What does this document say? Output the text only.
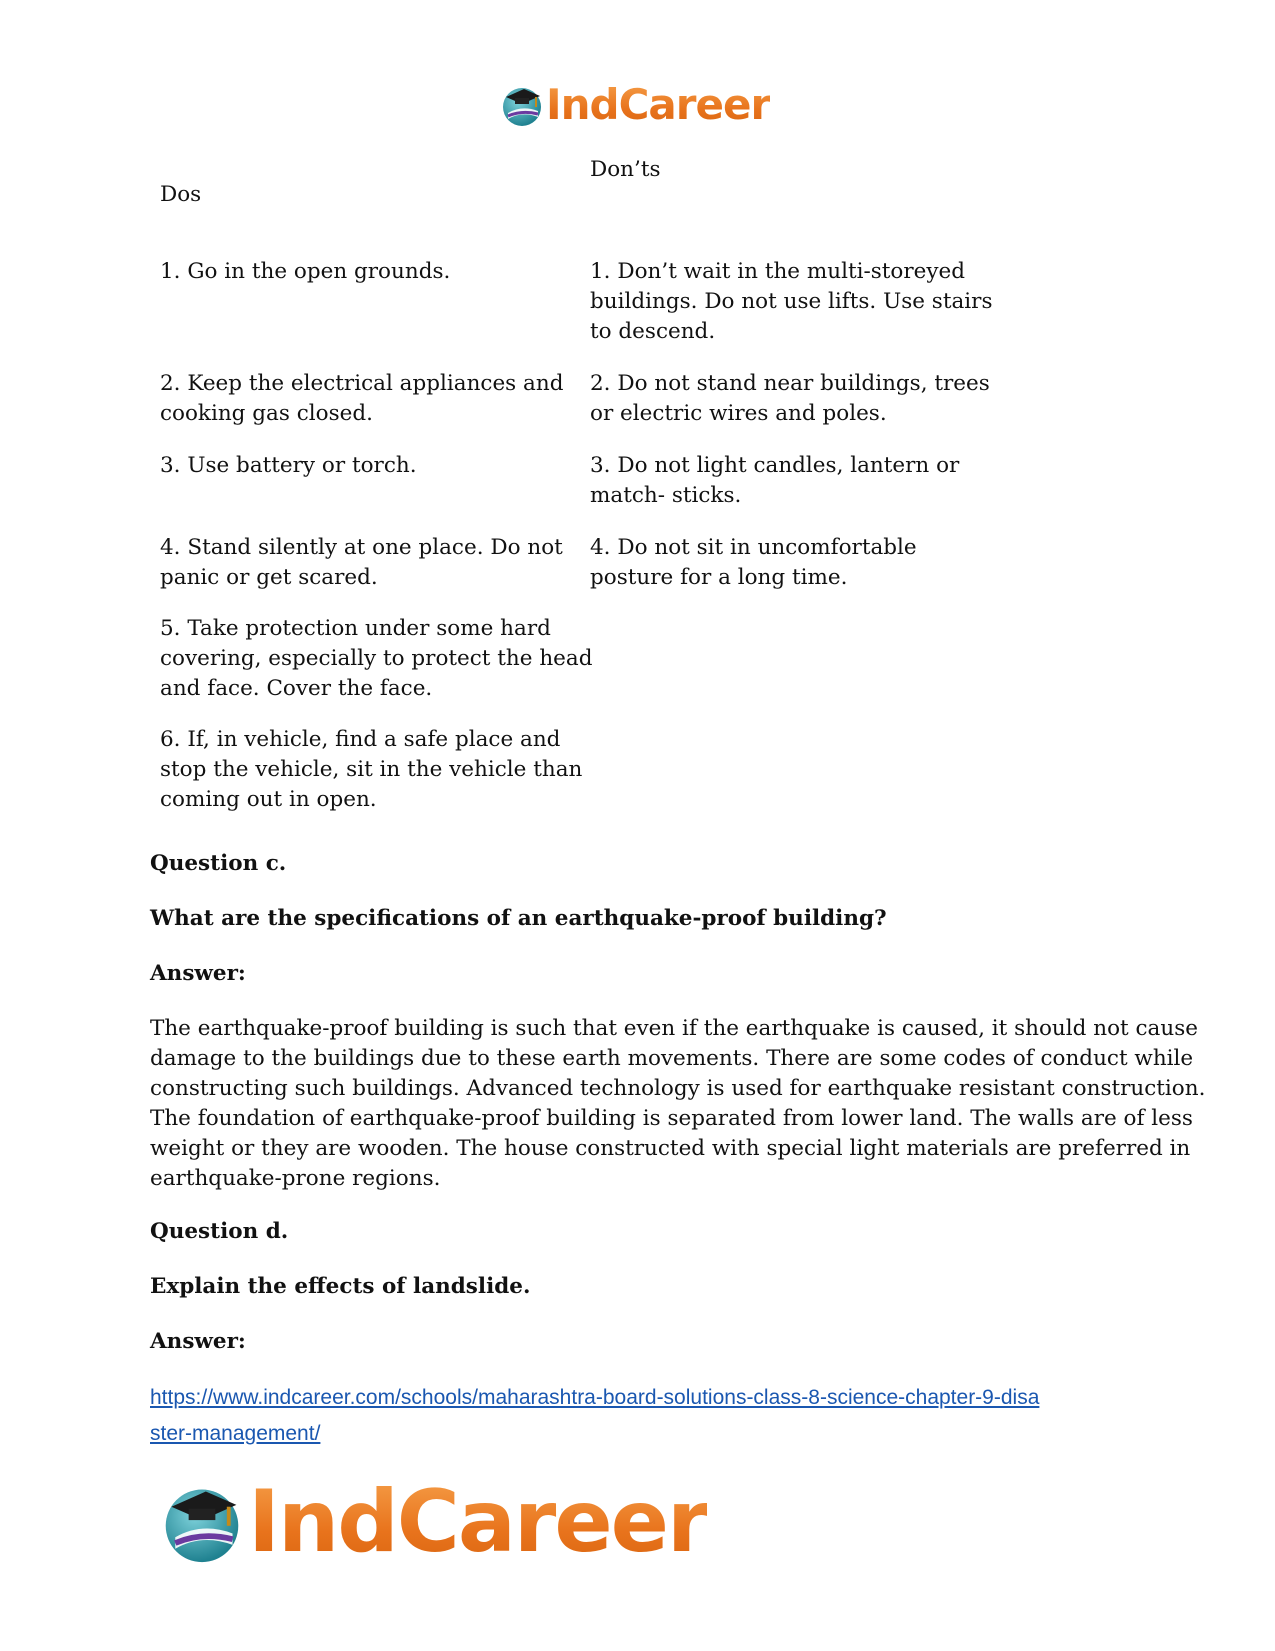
IndCareer
Don’ts
Dos
1. Go in the open grounds.
2. Keep the electrical appliances and
cooking gas closed.
3. Use battery or torch.
4. Stand silently at one place. Do not
panic or get scared.
5. Take protection under some hard
covering, especially to protect the head
and face. Cover the face.
6. If, in vehicle, find a safe place and
stop the vehicle, sit in the vehicle than
coming out in open.
1. Don’t wait in the multi-storeyed
buildings. Do not use lifts. Use stairs
to descend.
2. Do not stand near buildings, trees
or electric wires and poles.
3. Do not light candles, lantern or
match- sticks.
4. Do not sit in uncomfortable
posture for a long time.
Question c.
What are the specifications of an earthquake-proof building?
Answer:
The earthquake-proof building is such that even if the earthquake is caused, it should not cause
damage to the buildings due to these earth movements. There are some codes of conduct while
constructing such buildings. Advanced technology is used for earthquake resistant construction.
The foundation of earthquake-proof building is separated from lower land. The walls are of less
weight or they are wooden. The house constructed with special light materials are preferred in
earthquake-prone regions.
Question d.
Explain the effects of landslide.
Answer:
https://www.indcareer.com/schools/maharashtra-board-solutions-class-8-science-chapter-9-disa
ster-management/
IndCareer
